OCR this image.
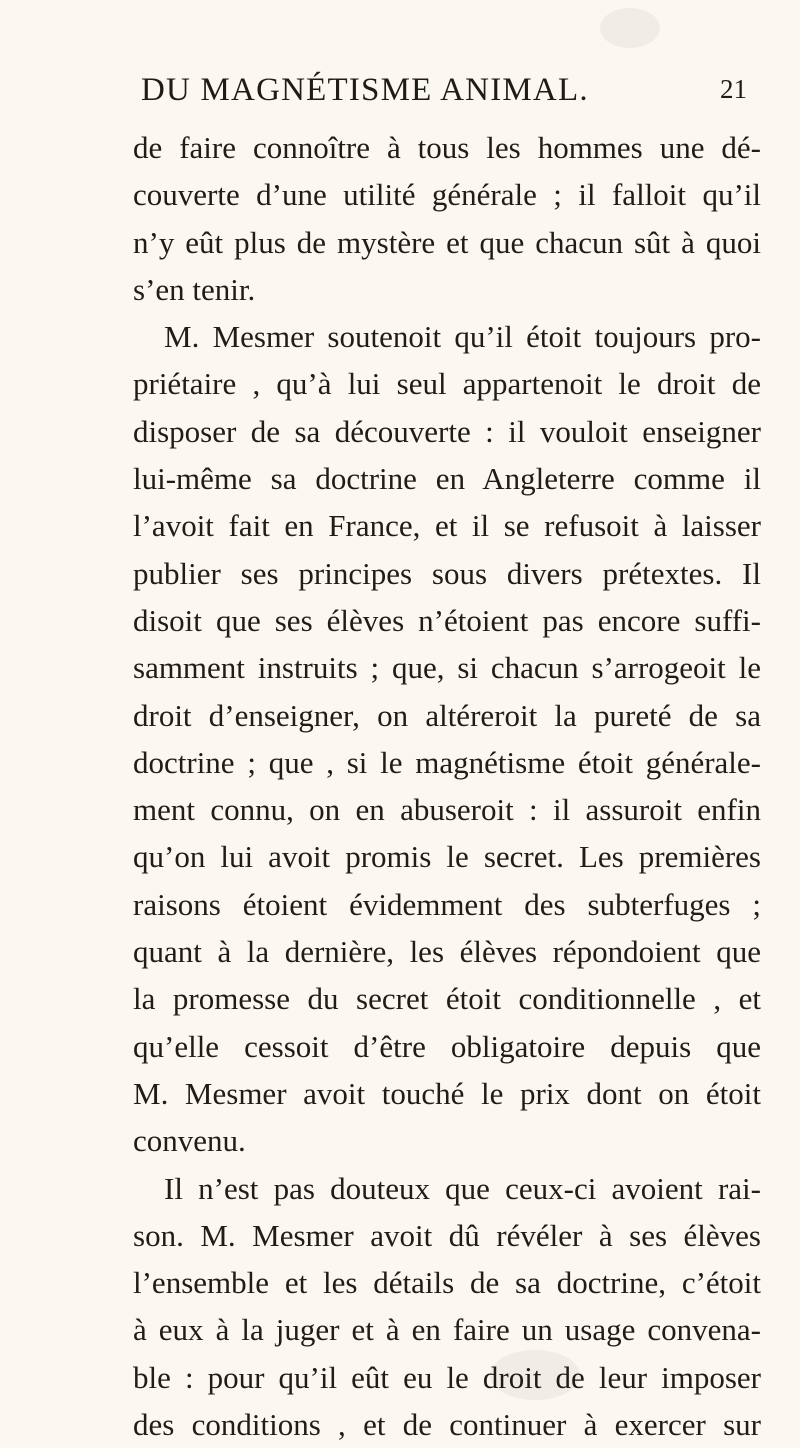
DU MAGNÉTISME ANIMAL.	21
de faire connoître à tous les hommes une dé-
couverte d’une utilité générale ; il falloit qu’il
n’y eût plus de mystère et que chacun sût à quoi
s’en tenir.
M. Mesmer soutenoit qu’il étoit toujours pro-
priétaire , qu’à lui seul appartenoit le droit de
disposer de sa découverte : il vouloit enseigner
lui-même sa doctrine en Angleterre comme il
l’avoit fait en France, et il se refusoit à laisser
publier ses principes sous divers prétextes. Il
disoit que ses élèves n’étoient pas encore suffi-
samment instruits ; que, si chacun s’arrogeoit le
droit d’enseigner, on altéreroit la pureté de sa
doctrine ; que , si le magnétisme étoit générale-
ment connu, on en abuseroit : il assuroit enfin
qu’on lui avoit promis le secret. Les premières
raisons étoient évidemment des subterfuges ;
quant à la dernière, les élèves répondoient que
la promesse du secret étoit conditionnelle , et
qu’elle cessoit d’être obligatoire depuis que
M. Mesmer avoit touché le prix dont on étoit
convenu.
Il n’est pas douteux que ceux-ci avoient rai-
son. M. Mesmer avoit dû révéler à ses élèves
l’ensemble et les détails de sa doctrine, c’étoit
à eux à la juger et à en faire un usage convena-
ble : pour qu’il eût eu le droit de leur imposer
des conditions , et de continuer à exercer sur
